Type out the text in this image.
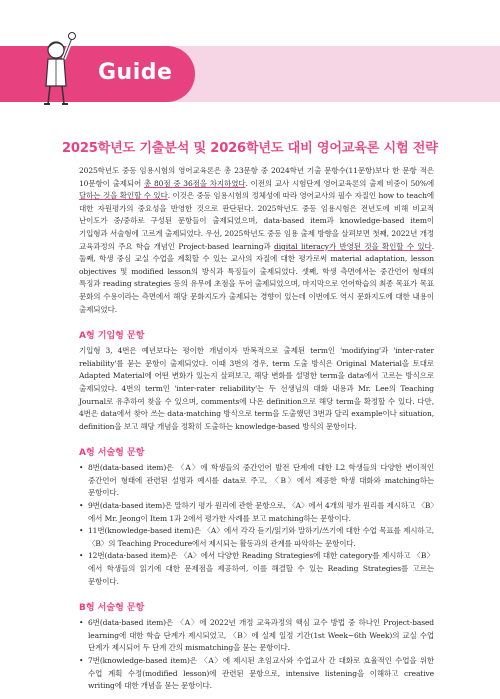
Guide
2025학년도 기출분석 및 2026학년도 대비 영어교육론 시험 전략

2025학년도 중등 임용시험의 영어교육론은 총 23문항 중 2024학년 기출 문항수(11문항)보다 한 문항 적은 10문항이 출제되어 총 80점 중 36점을 차지하였다. 이전의 교사 시험단계 영어교육론의 출제 비중이 50%에 달하는 것을 확인할 수 있다. 이것은 중등 임용시험의 정체성에 따라 영어교사의 필수 자질인 how to teach에 대한 자원평가의 중요성을 반영한 것으로 판단된다. 2025학년도 중등 임용시험은 전년도에 비해 비교적 난이도가 중/중하로 구성된 문항들이 출제되었으며, data-based item과 knowledge-based item이 기입형과 서술형에 고르게 출제되었다. 우선, 2025학년도 중등 임용 출제 방향을 살펴보면 첫째, 2022년 개정 교육과정의 주요 학습 개념인 Project-based learning과 digital literacy가 반영된 것을 확인할 수 있다. 둘째, 학생 중심 교실 수업을 계획할 수 있는 교사의 자질에 대한 평가로써 material adaptation, lesson objectives 및 modified lesson의 방식과 특징들이 출제되었다. 셋째, 학생 측면에서는 중간언어 형태의 특징과 reading strategies 등의 유무에 초점을 두어 출제되었으며, 마지막으로 언어학습의 최종 목표가 목표 문화의 수용이라는 측면에서 해당 문화지도가 출제되는 경향이 있는데 이번에도 역시 문화지도에 대한 내용이 출제되었다.

A형 기입형 문항

기입형 3, 4번은 예년보다는 평이한 개념이자 반복적으로 출제된 term인 'modifying'과 'inter-rater reliability'를 묻는 문항이 출제되었다. 이때 3번의 경우, term 도출 방식은 Original Material을 토대로 Adapted Material에 어떤 변화가 있는지 살펴보고, 해당 변화를 설명한 term을 data에서 고르는 방식으로 출제되었다. 4번의 term인 'inter-rater reliability'는 두 선생님의 대화 내용과 Mr. Lee의 Teaching Journal로 유추하여 찾을 수 있으며, comments에 나온 definition으로 해당 term을 확정할 수 있다. 다만, 4번은 data에서 찾아 쓰는 data-matching 방식으로 term을 도출했던 3번과 달리 example이나 situation, definition을 보고 해당 개념을 정확히 도출하는 knowledge-based 방식의 문항이다.

A형 서술형 문항
• 8번(data-based item)은 〈A〉에 학생들의 중간언어 발전 단계에 대한 L2 학생들의 다양한 변이적인 중간언어 형태에 관련된 설명과 예시를 data로 주고, 〈B〉에서 제공한 학생 대화와 matching하는 문항이다.
• 9번(data-based item)은 말하기 평가 원리에 관한 문항으로, 〈A〉에서 4개의 평가 원리를 제시하고 〈B〉에서 Mr. Jeong이 Item 1과 2에서 평가한 사례를 보고 matching하는 문항이다.
• 11번(knowledge-based item)은 〈A〉에서 각각 듣기/읽기와 말하기/쓰기에 대한 수업 목표를 제시하고, 〈B〉의 Teaching Procedure에서 제시되는 활동과의 관계를 파악하는 문항이다.
• 12번(data-based item)은 〈A〉에서 다양한 Reading Strategies에 대한 category를 제시하고 〈B〉에서 학생들의 읽기에 대한 문제점을 제공하여, 이를 해결할 수 있는 Reading Strategies를 고르는 문항이다.
B형 서술형 문항
• 6번(data-based item)은 〈A〉에 2022년 개정 교육과정의 핵심 교수 방법 중 하나인 Project-based learning에 대한 학습 단계가 제시되었고, 〈B〉에 실제 일정 기간(1st Week~6th Week)의 교실 수업 단계가 제시되어 두 단계 간의 mismatching을 묻는 문항이다.
• 7번(knowledge-based item)은 〈A〉에 제시된 초임교사와 수업교사 간 대화로 효율적인 수업을 위한 수업 계획 수정(modified lesson)에 관련된 문항으로, intensive listening을 이해하고 creative writing에 대한 개념을 묻는 문항이다.
